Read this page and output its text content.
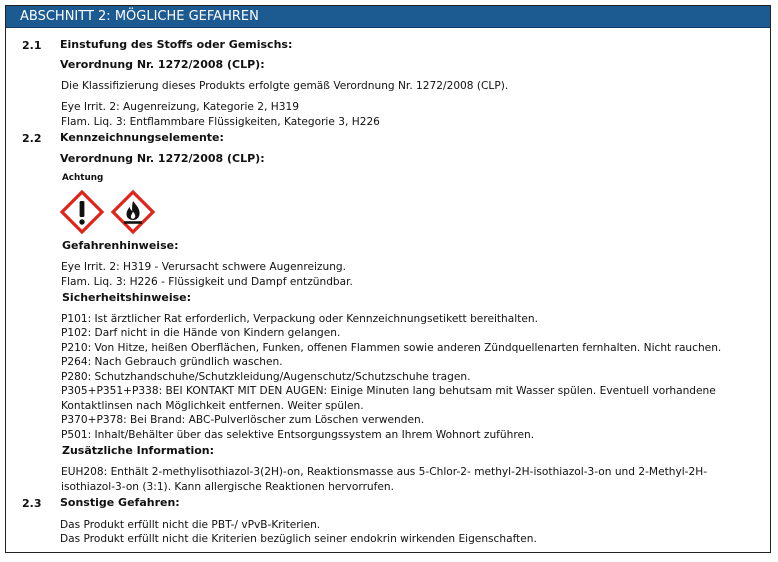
ABSCHNITT 2: MÖGLICHE GEFAHREN
2.1 Einstufung des Stoffs oder Gemischs:
Verordnung Nr. 1272/2008 (CLP):
Die Klassifizierung dieses Produkts erfolgte gemäß Verordnung Nr. 1272/2008 (CLP).
Eye Irrit. 2: Augenreizung, Kategorie 2, H319
Flam. Liq. 3: Entflammbare Flüssigkeiten, Kategorie 3, H226
2.2 Kennzeichnungselemente:
Verordnung Nr. 1272/2008 (CLP):
Achtung
Gefahrenhinweise:
Eye Irrit. 2: H319 - Verursacht schwere Augenreizung.
Flam. Liq. 3: H226 - Flüssigkeit und Dampf entzündbar.
Sicherheitshinweise:
P101: Ist ärztlicher Rat erforderlich, Verpackung oder Kennzeichnungsetikett bereithalten.
P102: Darf nicht in die Hände von Kindern gelangen.
P210: Von Hitze, heißen Oberflächen, Funken, offenen Flammen sowie anderen Zündquellenarten fernhalten. Nicht rauchen.
P264: Nach Gebrauch gründlich waschen.
P280: Schutzhandschuhe/Schutzkleidung/Augenschutz/Schutzschuhe tragen.
P305+P351+P338: BEI KONTAKT MIT DEN AUGEN: Einige Minuten lang behutsam mit Wasser spülen. Eventuell vorhandene
Kontaktlinsen nach Möglichkeit entfernen. Weiter spülen.
P370+P378: Bei Brand: ABC-Pulverlöscher zum Löschen verwenden.
P501: Inhalt/Behälter über das selektive Entsorgungssystem an Ihrem Wohnort zuführen.
Zusätzliche Information:
EUH208: Enthält 2-methylisothiazol-3(2H)-on, Reaktionsmasse aus 5-Chlor-2- methyl-2H-isothiazol-3-on und 2-Methyl-2H-
isothiazol-3-on (3:1). Kann allergische Reaktionen hervorrufen.
2.3 Sonstige Gefahren:
Das Produkt erfüllt nicht die PBT-/ vPvB-Kriterien.
Das Produkt erfüllt nicht die Kriterien bezüglich seiner endokrin wirkenden Eigenschaften.
